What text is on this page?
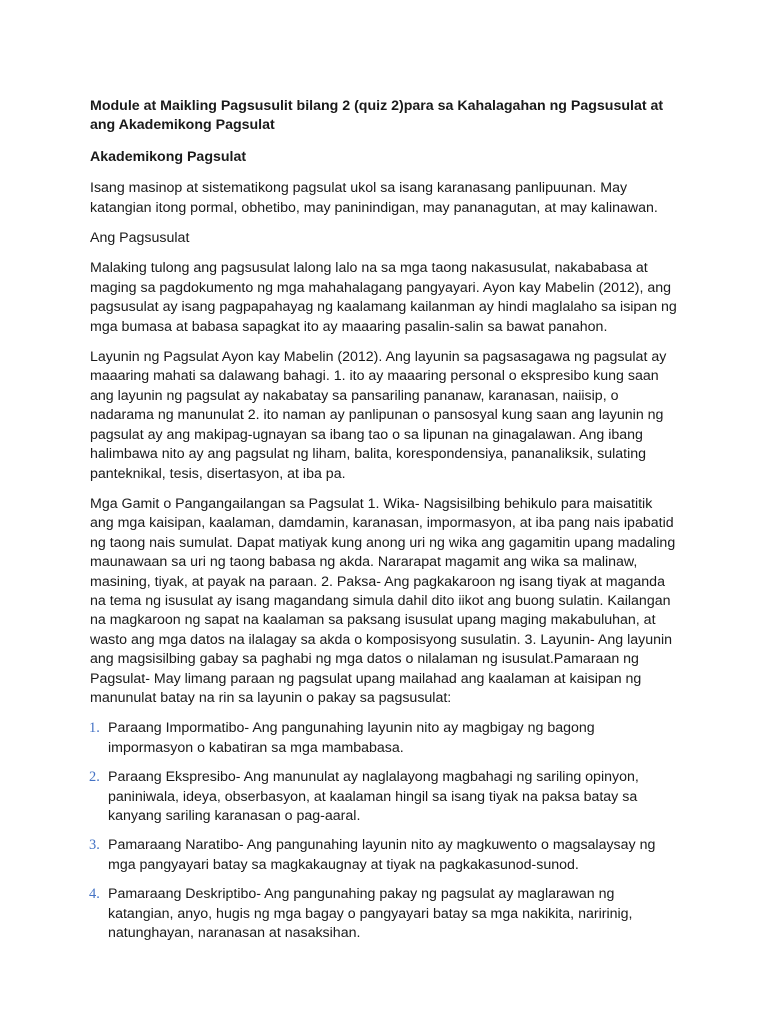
Module at Maikling Pagsusulit bilang 2 (quiz 2)para sa Kahalagahan ng Pagsusulat at ang Akademikong Pagsulat
Akademikong Pagsulat

Isang masinop at sistematikong pagsulat ukol sa isang karanasang panlipuunan. May katangian itong pormal, obhetibo, may paninindigan, may pananagutan, at may kalinawan.

Ang Pagsusulat

Malaking tulong ang pagsusulat lalong lalo na sa mga taong nakasusulat, nakababasa at maging sa pagdokumento ng mga mahahalagang pangyayari. Ayon kay Mabelin (2012), ang pagsusulat ay isang pagpapahayag ng kaalamang kailanman ay hindi maglalaho sa isipan ng mga bumasa at babasa sapagkat ito ay maaaring pasalin-salin sa bawat panahon.

Layunin ng Pagsulat Ayon kay Mabelin (2012). Ang layunin sa pagsasagawa ng pagsulat ay maaaring mahati sa dalawang bahagi. 1. ito ay maaaring personal o ekspresibo kung saan ang layunin ng pagsulat ay nakabatay sa pansariling pananaw, karanasan, naiisip, o nadarama ng manunulat 2. ito naman ay panlipunan o pansosyal kung saan ang layunin ng pagsulat ay ang makipag-ugnayan sa ibang tao o sa lipunan na ginagalawan. Ang ibang halimbawa nito ay ang pagsulat ng liham, balita, korespondensiya, pananaliksik, sulating panteknikal, tesis, disertasyon, at iba pa.

Mga Gamit o Pangangailangan sa Pagsulat 1. Wika- Nagsisilbing behikulo para maisatitik ang mga kaisipan, kaalaman, damdamin, karanasan, impormasyon, at iba pang nais ipabatid ng taong nais sumulat. Dapat matiyak kung anong uri ng wika ang gagamitin upang madaling maunawaan sa uri ng taong babasa ng akda. Nararapat magamit ang wika sa malinaw, masining, tiyak, at payak na paraan. 2. Paksa- Ang pagkakaroon ng isang tiyak at maganda na tema ng isusulat ay isang magandang simula dahil dito iikot ang buong sulatin. Kailangan na magkaroon ng sapat na kaalaman sa paksang isusulat upang maging makabuluhan, at wasto ang mga datos na ilalagay sa akda o komposisyong susulatin. 3. Layunin- Ang layunin ang magsisilbing gabay sa paghabi ng mga datos o nilalaman ng isusulat.Pamaraan ng Pagsulat- May limang paraan ng pagsulat upang mailahad ang kaalaman at kaisipan ng manunulat batay na rin sa layunin o pakay sa pagsusulat:

1. Paraang Impormatibo- Ang pangunahing layunin nito ay magbigay ng bagong impormasyon o kabatiran sa mga mambabasa.
2. Paraang Ekspresibo- Ang manunulat ay naglalayong magbahagi ng sariling opinyon, paniniwala, ideya, obserbasyon, at kaalaman hingil sa isang tiyak na paksa batay sa kanyang sariling karanasan o pag-aaral.
3. Pamaraang Naratibo- Ang pangunahing layunin nito ay magkuwento o magsalaysay ng mga pangyayari batay sa magkakaugnay at tiyak na pagkakasunod-sunod.
4. Pamaraang Deskriptibo- Ang pangunahing pakay ng pagsulat ay maglarawan ng katangian, anyo, hugis ng mga bagay o pangyayari batay sa mga nakikita, naririnig, natunghayan, naranasan at nasaksihan.
